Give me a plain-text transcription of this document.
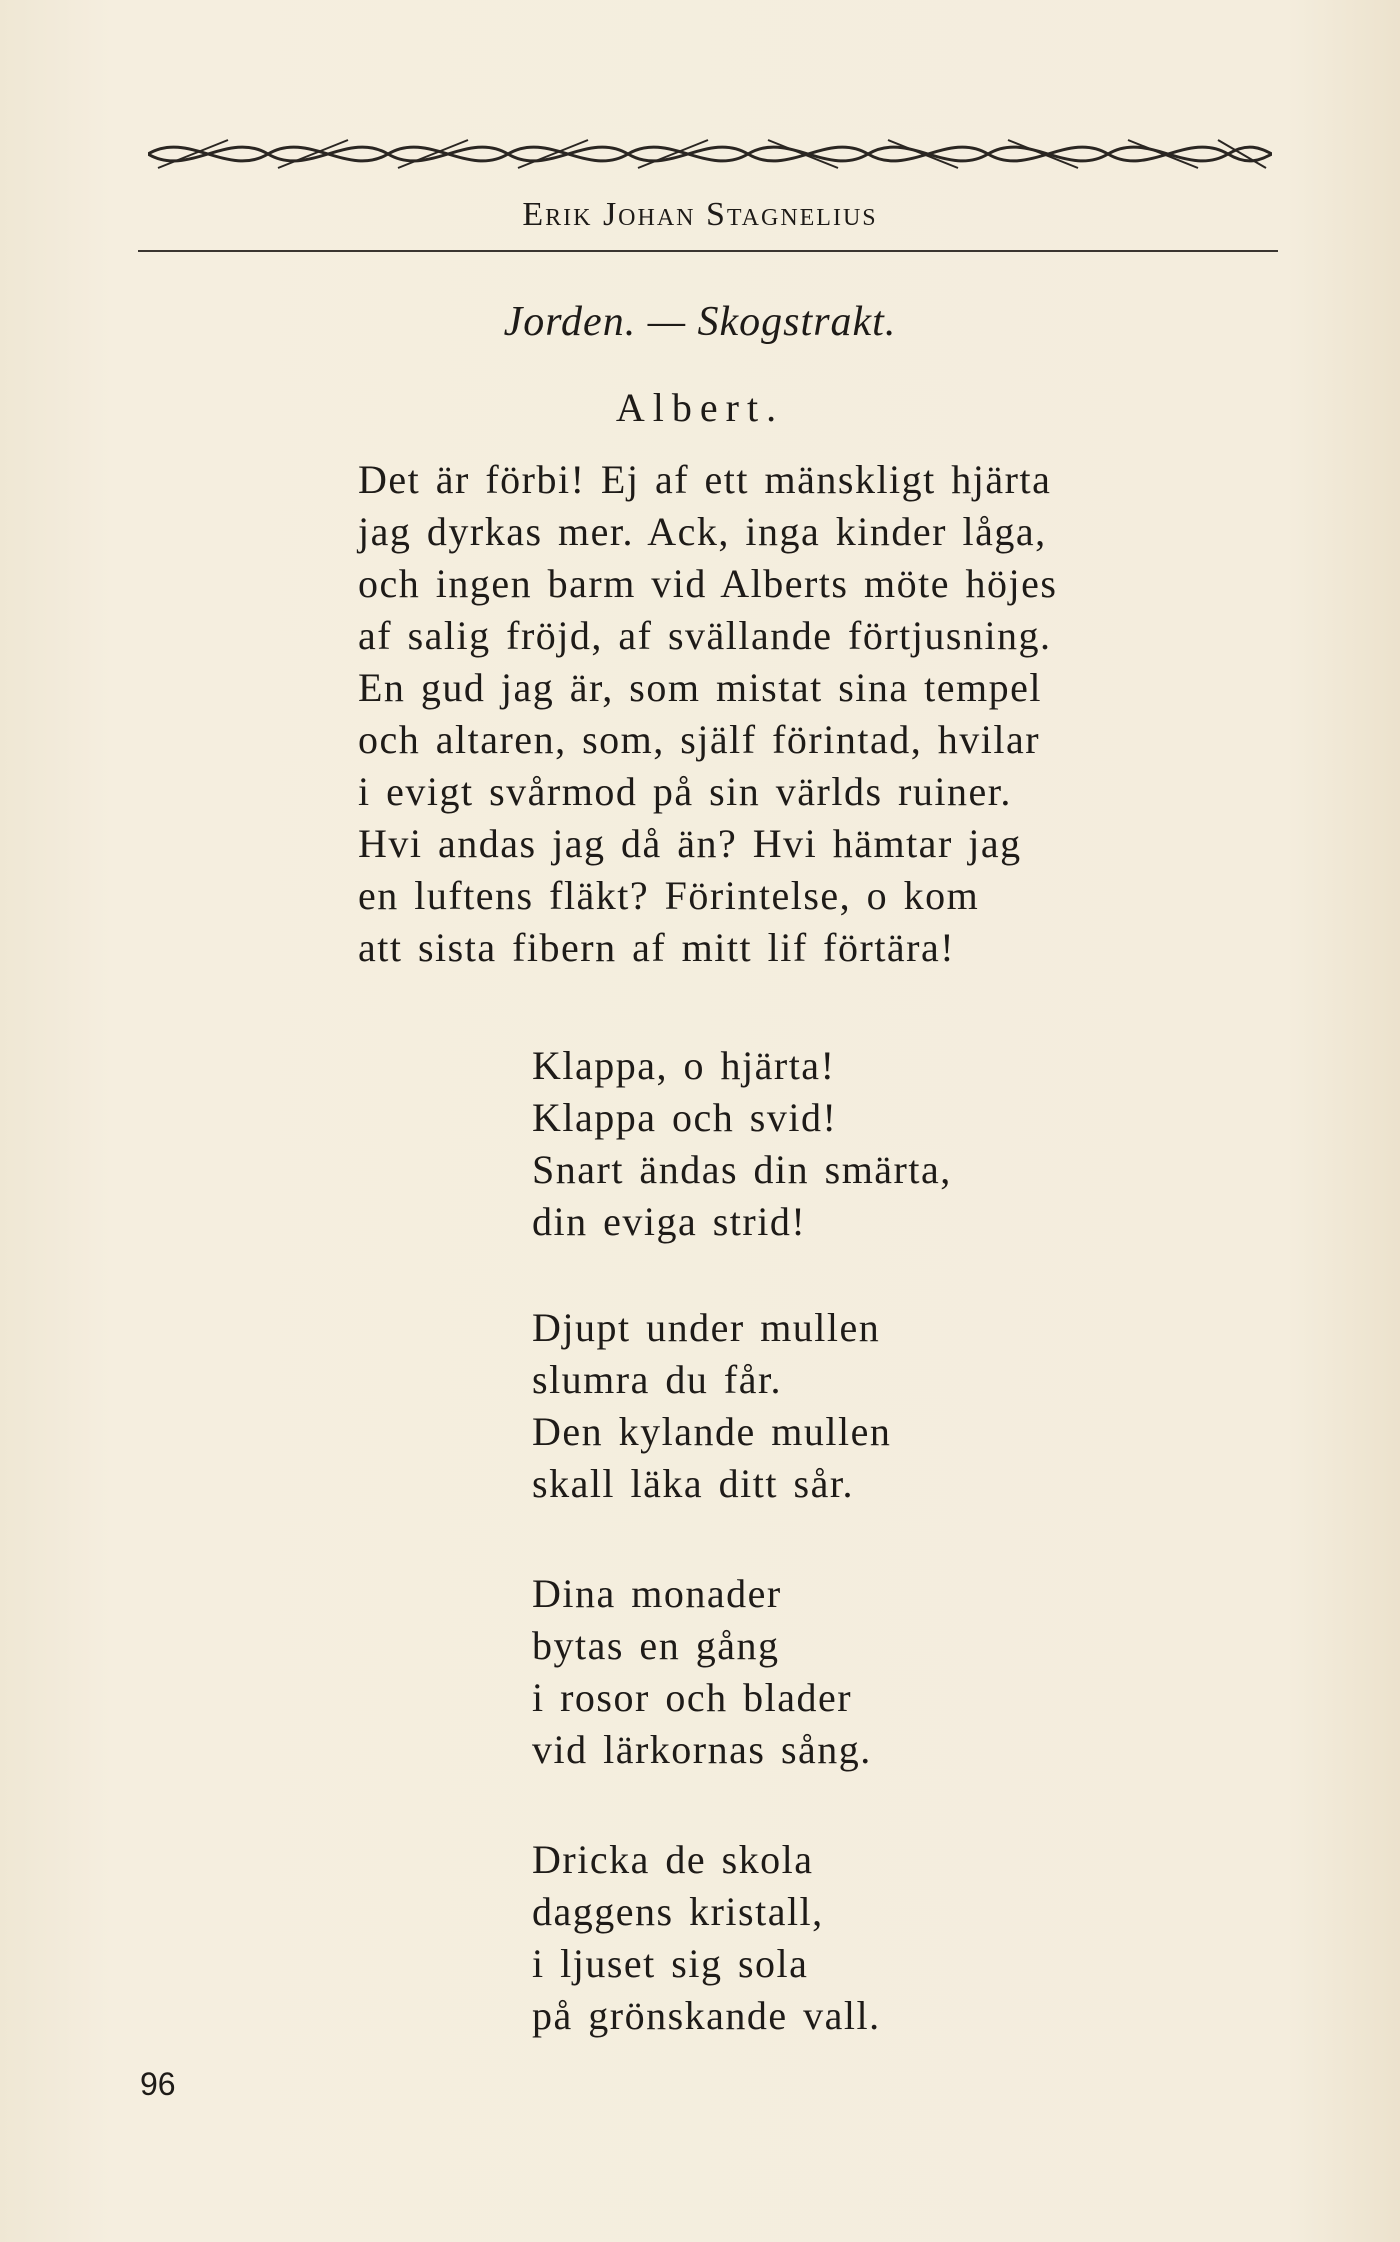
Erik Johan Stagnelius
Jorden. — Skogstrakt.
Albert.
Det är förbi! Ej af ett mänskligt hjärta
jag dyrkas mer. Ack, inga kinder låga,
och ingen barm vid Alberts möte höjes
af salig fröjd, af svällande förtjusning.
En gud jag är, som mistat sina tempel
och altaren, som, själf förintad, hvilar
i evigt svårmod på sin världs ruiner.
Hvi andas jag då än? Hvi hämtar jag
en luftens fläkt? Förintelse, o kom
att sista fibern af mitt lif förtära!
Klappa, o hjärta!
Klappa och svid!
Snart ändas din smärta,
din eviga strid!
Djupt under mullen
slumra du får.
Den kylande mullen
skall läka ditt sår.
Dina monader
bytas en gång
i rosor och blader
vid lärkornas sång.
Dricka de skola
daggens kristall,
i ljuset sig sola
på grönskande vall.
96
